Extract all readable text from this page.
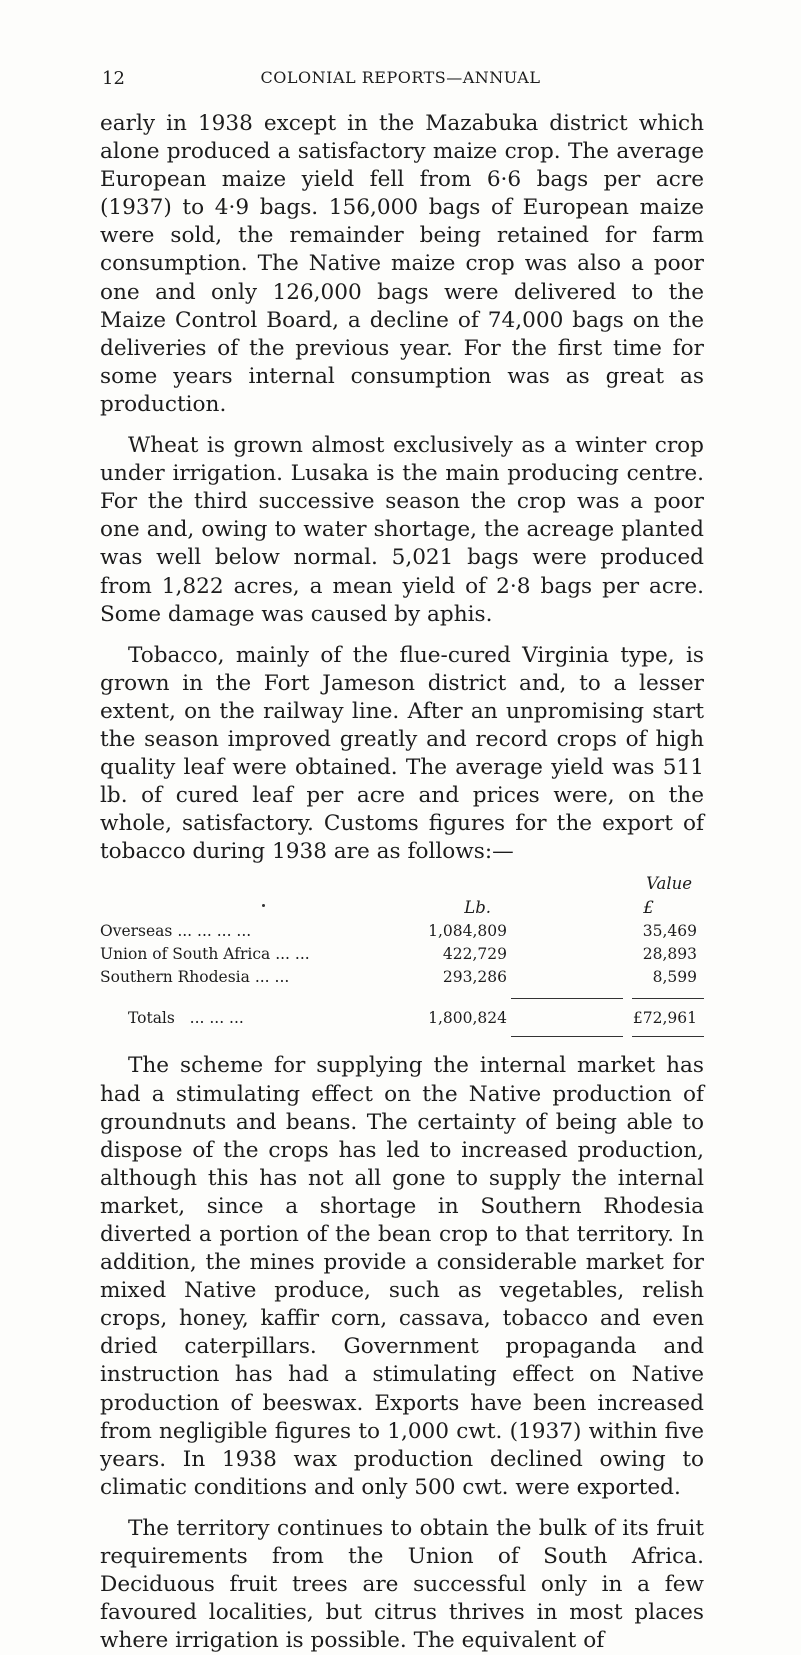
12	COLONIAL REPORTS—ANNUAL

early in 1938 except in the Mazabuka district which alone produced a satisfactory maize crop. The average European maize yield fell from 6·6 bags per acre (1937) to 4·9 bags. 156,000 bags of European maize were sold, the remainder being retained for farm consumption. The Native maize crop was also a poor one and only 126,000 bags were delivered to the Maize Control Board, a decline of 74,000 bags on the deliveries of the previous year. For the first time for some years internal consumption was as great as production.

Wheat is grown almost exclusively as a winter crop under irrigation. Lusaka is the main producing centre. For the third successive season the crop was a poor one and, owing to water shortage, the acreage planted was well below normal. 5,021 bags were produced from 1,822 acres, a mean yield of 2·8 bags per acre. Some damage was caused by aphis.

Tobacco, mainly of the flue-cured Virginia type, is grown in the Fort Jameson district and, to a lesser extent, on the railway line. After an unpromising start the season improved greatly and record crops of high quality leaf were obtained. The average yield was 511 lb. of cured leaf per acre and prices were, on the whole, satisfactory. Customs figures for the export of tobacco during 1938 are as follows:—

Value
Lb.	£
Overseas ... ... ... ...	1,084,809	35,469
Union of South Africa ... ...	422,729	28,893
Southern Rhodesia ... ...	293,286	8,599
Totals ... ... ...	1,800,824	£72,961

The scheme for supplying the internal market has had a stimulating effect on the Native production of groundnuts and beans. The certainty of being able to dispose of the crops has led to increased production, although this has not all gone to supply the internal market, since a shortage in Southern Rhodesia diverted a portion of the bean crop to that territory. In addition, the mines provide a considerable market for mixed Native produce, such as vegetables, relish crops, honey, kaffir corn, cassava, tobacco and even dried caterpillars. Government propaganda and instruction has had a stimulating effect on Native production of beeswax. Exports have been increased from negligible figures to 1,000 cwt. (1937) within five years. In 1938 wax production declined owing to climatic conditions and only 500 cwt. were exported.

The territory continues to obtain the bulk of its fruit requirements from the Union of South Africa. Deciduous fruit trees are successful only in a few favoured localities, but citrus thrives in most places where irrigation is possible. The equivalent of
